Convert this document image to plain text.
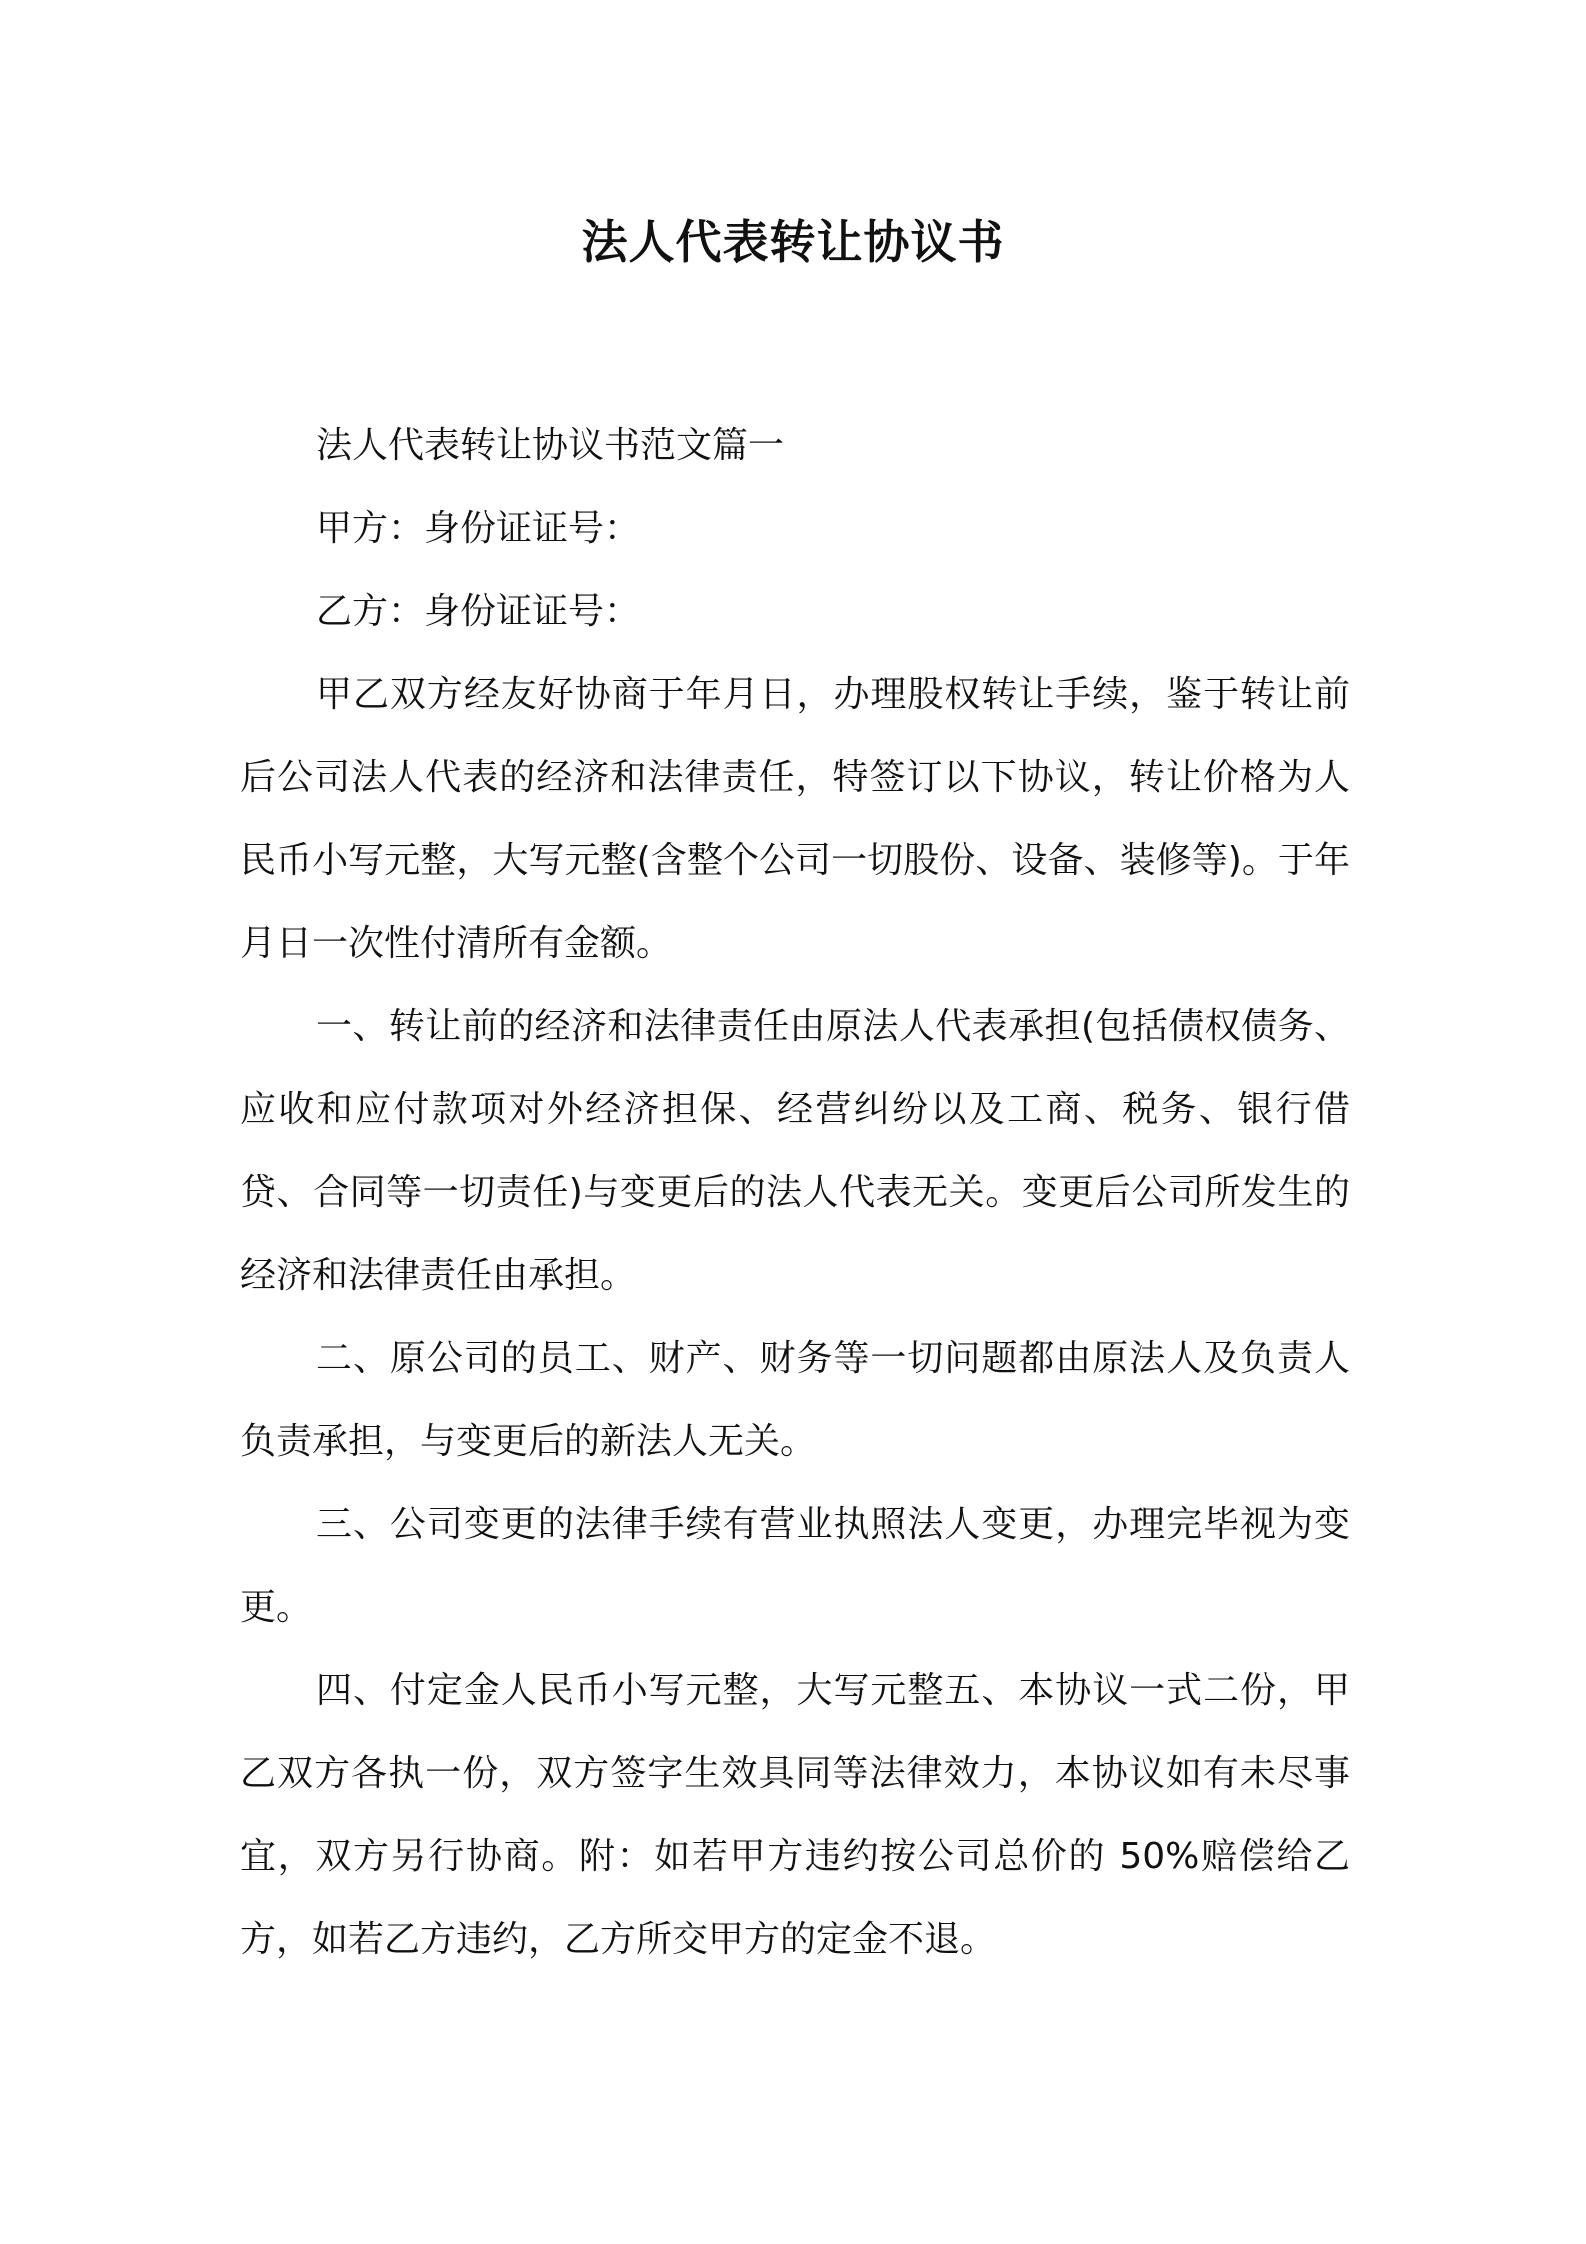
法人代表转让协议书

法人代表转让协议书范文篇一

甲方：身份证证号：

乙方：身份证证号：

甲乙双方经友好协商于年月日，办理股权转让手续，鉴于转让前后公司法人代表的经济和法律责任，特签订以下协议，转让价格为人民币小写元整，大写元整(含整个公司一切股份、设备、装修等)。于年月日一次性付清所有金额。

一、转让前的经济和法律责任由原法人代表承担(包括债权债务、应收和应付款项对外经济担保、经营纠纷以及工商、税务、银行借贷、合同等一切责任)与变更后的法人代表无关。变更后公司所发生的经济和法律责任由承担。

二、原公司的员工、财产、财务等一切问题都由原法人及负责人负责承担，与变更后的新法人无关。

三、公司变更的法律手续有营业执照法人变更，办理完毕视为变更。

四、付定金人民币小写元整，大写元整五、本协议一式二份，甲乙双方各执一份，双方签字生效具同等法律效力，本协议如有未尽事宜，双方另行协商。附：如若甲方违约按公司总价的 50%赔偿给乙方，如若乙方违约，乙方所交甲方的定金不退。
